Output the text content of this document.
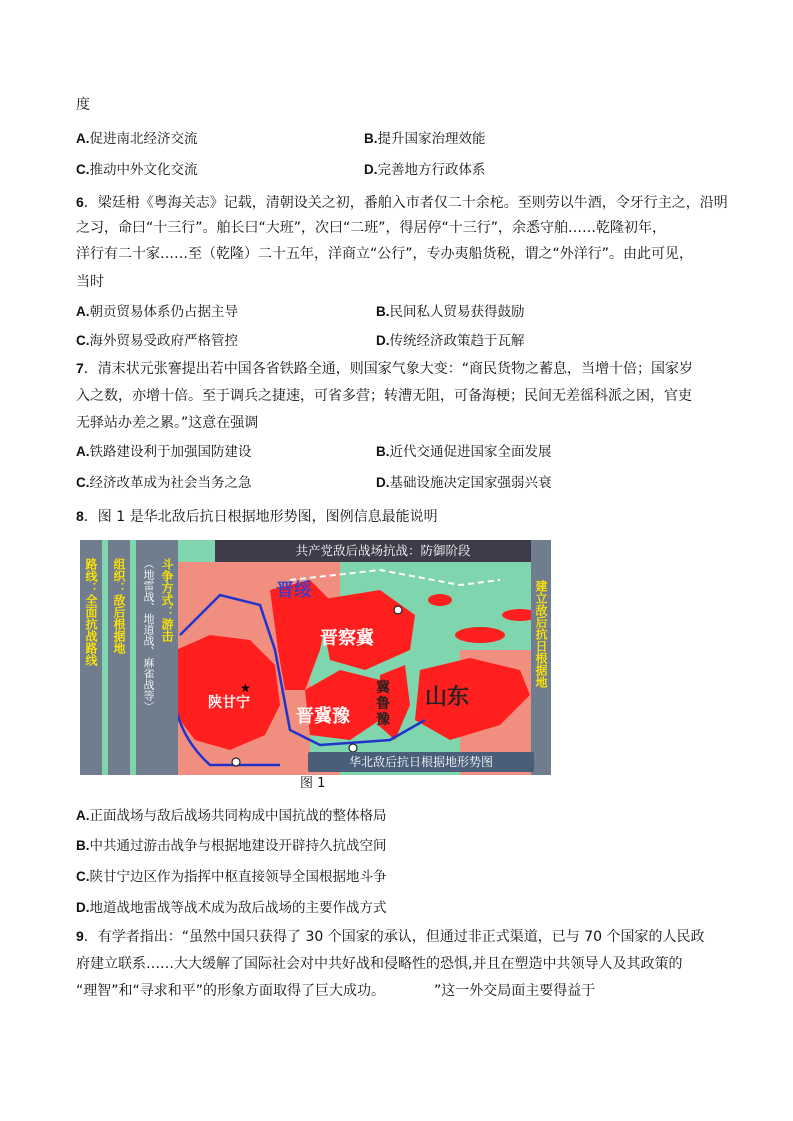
度
A.促进南北经济交流	B.提升国家治理效能
C.推动中外文化交流	D.完善地方行政体系
6．梁廷枏《粤海关志》记载，清朝设关之初，番舶入市者仅二十余柁。至则劳以牛酒，令牙行主之，沿明
之习，命曰“十三行”。舶长曰“大班”，次曰“二班”，得居停“十三行”，余悉守舶……乾隆初年，
洋行有二十家……至（乾隆）二十五年，洋商立“公行”，专办夷船货税，谓之“外洋行”。由此可见，
当时
A.朝贡贸易体系仍占据主导	B.民间私人贸易获得鼓励
C.海外贸易受政府严格管控	D.传统经济政策趋于瓦解
7．清末状元张謇提出若中国各省铁路全通，则国家气象大变：“商民货物之蓄息，当增十倍；国家岁
入之数，亦增十倍。至于调兵之捷速，可省多营；转漕无阻，可备海梗；民间无差徭科派之困，官吏
无驿站办差之累。”这意在强调
A.铁路建设利于加强国防建设	B.近代交通促进国家全面发展
C.经济改革成为社会当务之急	D.基础设施决定国家强弱兴衰
8．图 1 是华北敌后抗日根据地形势图，图例信息最能说明
★
路线：全面抗战路线 组织：敌后根据地	斗争方式：游击
（地雷战、地道战、麻雀战等）
共产党敌后战场抗战：防御阶段
建立敌后抗日根据地
晋绥
晋察冀
晋冀豫
冀鲁豫
山东
陕甘宁
华北敌后抗日根据地形势图
图 1
A.正面战场与敌后战场共同构成中国抗战的整体格局
B.中共通过游击战争与根据地建设开辟持久抗战空间
C.陕甘宁边区作为指挥中枢直接领导全国根据地斗争
D.地道战地雷战等战术成为敌后战场的主要作战方式
9．有学者指出：“虽然中国只获得了 30 个国家的承认，但通过非正式渠道，已与 70 个国家的人民政
府建立联系……大大缓解了国际社会对中共好战和侵略性的恐惧,并且在塑造中共领导人及其政策的
“理智”和“寻求和平”的形象方面取得了巨大成功。　　　　”这一外交局面主要得益于
